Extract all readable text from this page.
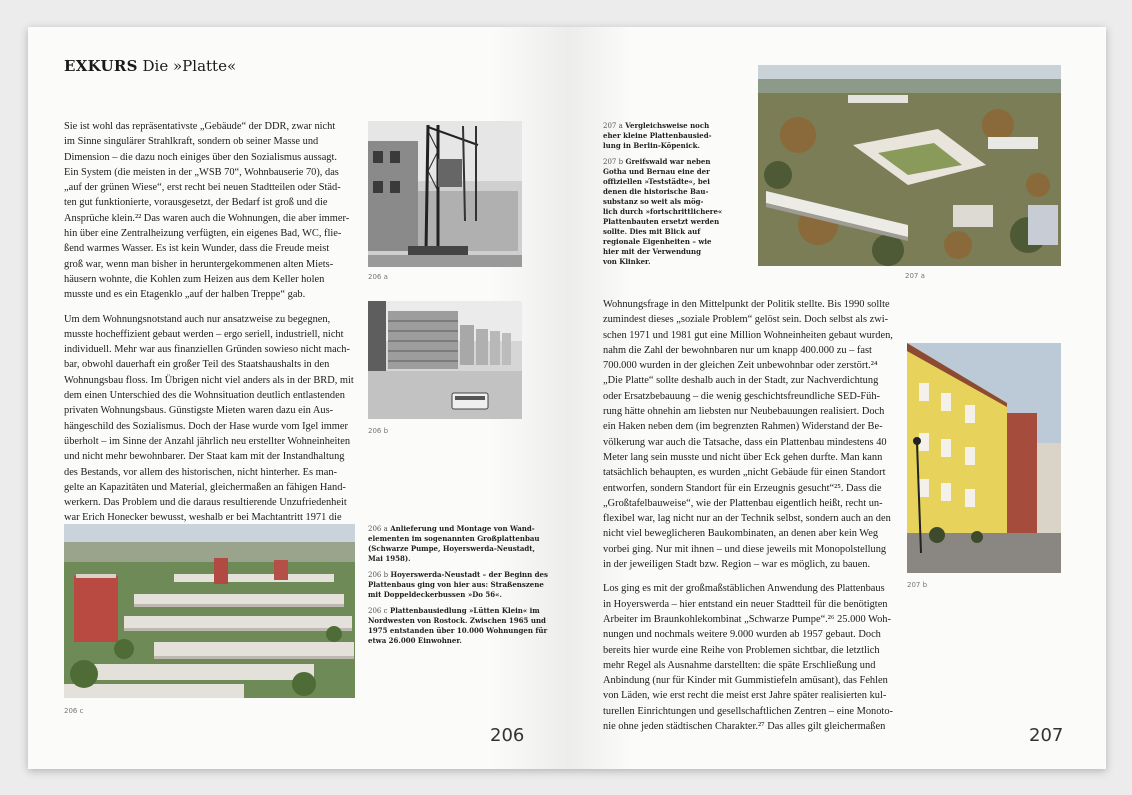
EXKURS Die »Platte«

Sie ist wohl das repräsentativste „Gebäude“ der DDR, zwar nicht
im Sinne singulärer Strahlkraft, sondern ob seiner Masse und
Dimension – die dazu noch einiges über den Sozialismus aussagt.
Ein System (die meisten in der „WSB 70“, Wohnbauserie 70), das
„auf der grünen Wiese“, erst recht bei neuen Stadtteilen oder Städ-
ten gut funktionierte, vorausgesetzt, der Bedarf ist groß und die
Ansprüche klein.²² Das waren auch die Wohnungen, die aber immer-
hin über eine Zentralheizung verfügten, ein eigenes Bad, WC, flie-
ßend warmes Wasser. Es ist kein Wunder, dass die Freude meist
groß war, wenn man bisher in heruntergekommenen alten Miets-
häusern wohnte, die Kohlen zum Heizen aus dem Keller holen
musste und es ein Etagenklo „auf der halben Treppe“ gab.

Um dem Wohnungsnotstand auch nur ansatzweise zu begegnen,
musste hocheffizient gebaut werden – ergo seriell, industriell, nicht
individuell. Mehr war aus finanziellen Gründen sowieso nicht mach-
bar, obwohl dauerhaft ein großer Teil des Staatshaushalts in den
Wohnungsbau floss. Im Übrigen nicht viel anders als in der BRD, mit
dem einen Unterschied des die Wohnsituation deutlich entlastenden
privaten Wohnungsbaus. Günstigste Mieten waren dazu ein Aus-
hängeschild des Sozialismus. Doch der Hase wurde vom Igel immer
überholt – im Sinne der Anzahl jährlich neu erstellter Wohneinheiten
und nicht mehr bewohnbarer. Der Staat kam mit der Instandhaltung
des Bestands, vor allem des historischen, nicht hinterher. Es man-
gelte an Kapazitäten und Material, gleichermaßen an fähigen Hand-
werkern. Das Problem und die daraus resultierende Unzufriedenheit
war Erich Honecker bewusst, weshalb er bei Machtantritt 1971 die

206 a
206 b
206 c
206 a Anlieferung und Montage von Wand-
elementen im sogenannten Großplattenbau
(Schwarze Pumpe, Hoyerswerda-Neustadt,
Mai 1958).
206 b Hoyerswerda-Neustadt – der Beginn des
Plattenbaus ging von hier aus: Straßenszene
mit Doppeldeckerbussen »Do 56«.
206 c Plattenbausiedlung »Lütten Klein« im
Nordwesten von Rostock. Zwischen 1965 und
1975 entstanden über 10.000 Wohnungen für
etwa 26.000 Einwohner.
206
207 a Vergleichsweise noch
eher kleine Plattenbausied-
lung in Berlin-Köpenick.
207 b Greifswald war neben
Gotha und Bernau eine der
offiziellen »Teststädte«, bei
denen die historische Bau-
substanz so weit als mög-
lich durch »fortschrittlichere«
Plattenbauten ersetzt werden
sollte. Dies mit Blick auf
regionale Eigenheiten – wie
hier mit der Verwendung
von Klinker.
207 a

Wohnungsfrage in den Mittelpunkt der Politik stellte. Bis 1990 sollte
zumindest dieses „soziale Problem“ gelöst sein. Doch selbst als zwi-
schen 1971 und 1981 gut eine Million Wohneinheiten gebaut wurden,
nahm die Zahl der bewohnbaren nur um knapp 400.000 zu – fast
700.000 wurden in der gleichen Zeit unbewohnbar oder zerstört.²⁴
„Die Platte“ sollte deshalb auch in der Stadt, zur Nachverdichtung
oder Ersatzbebauung – die wenig geschichtsfreundliche SED-Füh-
rung hätte ohnehin am liebsten nur Neubebauungen realisiert. Doch
ein Haken neben dem (im begrenzten Rahmen) Widerstand der Be-
völkerung war auch die Tatsache, dass ein Plattenbau mindestens 40
Meter lang sein musste und nicht über Eck gehen durfte. Man kann
tatsächlich behaupten, es wurden „nicht Gebäude für einen Standort
entworfen, sondern Standort für ein Erzeugnis gesucht“²⁵. Dass die
„Großtafelbauweise“, wie der Plattenbau eigentlich heißt, recht un-
flexibel war, lag nicht nur an der Technik selbst, sondern auch an den
nicht viel beweglicheren Baukombinaten, an denen aber kein Weg
vorbei ging. Nur mit ihnen – und diese jeweils mit Monopolstellung
in der jeweiligen Stadt bzw. Region – war es möglich, zu bauen.

Los ging es mit der großmaßstäblichen Anwendung des Plattenbaus
in Hoyerswerda – hier entstand ein neuer Stadtteil für die benötigten
Arbeiter im Braunkohlekombinat „Schwarze Pumpe“.²⁶ 25.000 Woh-
nungen und nochmals weitere 9.000 wurden ab 1957 gebaut. Doch
bereits hier wurde eine Reihe von Problemen sichtbar, die letztlich
mehr Regel als Ausnahme darstellten: die späte Erschließung und
Anbindung (nur für Kinder mit Gummistiefeln amüsant), das Fehlen
von Läden, wie erst recht die meist erst Jahre später realisierten kul-
turellen Einrichtungen und gesellschaftlichen Zentren – eine Monoto-
nie ohne jeden städtischen Charakter.²⁷ Das alles gilt gleichermaßen

207 b
207
